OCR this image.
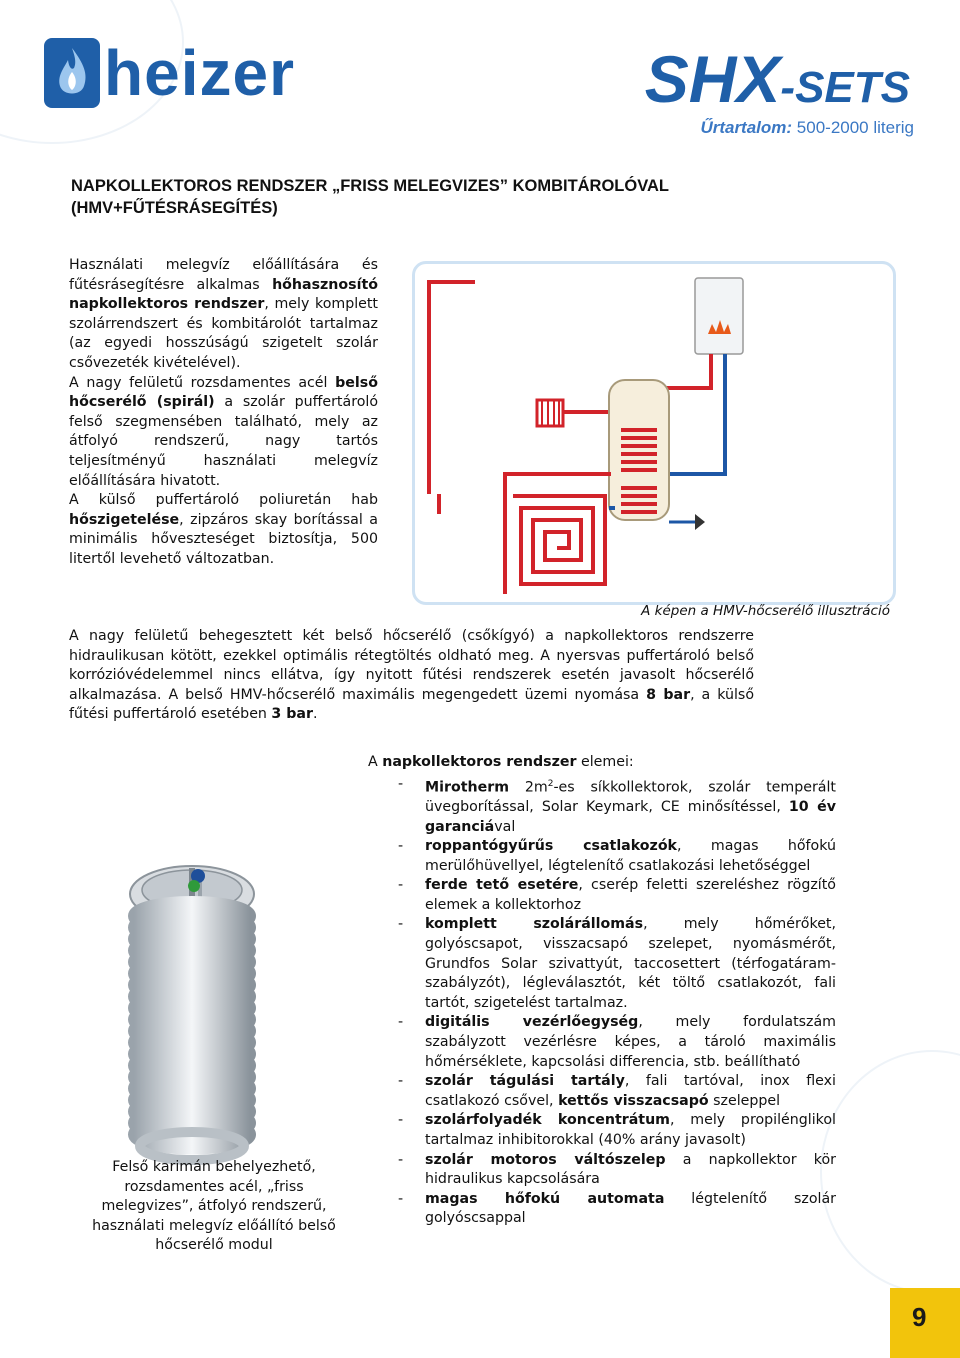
heizer	SHX-SETS
Űrtartalom: 500-2000 literig
NAPKOLLEKTOROS RENDSZER „FRISS MELEGVIZES” KOMBITÁROLÓVAL
(HMV+FŰTÉSRÁSEGÍTÉS)
Használati melegvíz előállítására és fűtésrásegítésre alkalmas hőhasznosító napkollektoros rendszer, mely komplett szolárrendszert és kombitárolót tartalmaz (az egyedi hosszúságú szigetelt szolár csővezeték kivételével).
A nagy felületű rozsdamentes acél belső hőcserélő (spirál) a szolár puffertároló felső szegmensében található, mely az átfolyó rendszerű, nagy tartós teljesítményű használati melegvíz előállítására hivatott.
A külső puffertároló poliuretán hab hőszigetelése, zipzáros skay borítással a minimális hőveszteséget biztosítja, 500 litertől levehető változatban.
A képen a HMV-hőcserélő illusztráció
A nagy felületű behegesztett két belső hőcserélő (csőkígyó) a napkollektoros rendszerre hidraulikusan kötött, ezekkel optimális rétegtöltés oldható meg. A nyersvas puffertároló belső korrózióvédelemmel nincs ellátva, így nyitott fűtési rendszerek esetén javasolt hőcserélő alkalmazása. A belső HMV-hőcserélő maximális megengedett üzemi nyomása 8 bar, a külső fűtési puffertároló esetében 3 bar.
Felső karimán behelyezhető, rozsdamentes acél, „friss melegvizes”, átfolyó rendszerű, használati melegvíz előállító belső hőcserélő modul
A napkollektoros rendszer elemei:
- Mirotherm $2m^2-es$ síkkollektorok, szolár temperált üvegborítással, Solar Keymark, CE minősítéssel, 10 év garanciával
- roppantógyűrűs csatlakozók, magas hőfokú merülőhüvellyel, légtelenítő csatlakozási lehetőséggel
- ferde tető esetére, cserép feletti szereléshez rögzítő elemek a kollektorhoz
- komplett szolárállomás, mely hőmérőket, golyóscsapot, visszacsapó szelepet, nyomásmérőt, Grundfos Solar szivattyút, taccosettert (térfogatáram-szabályzót), légleválasztót, két töltő csatlakozót, fali tartót, szigetelést tartalmaz.
- digitális vezérlőegység, mely fordulatszám szabályzott vezérlésre képes, a tároló maximális hőmérséklete, kapcsolási differencia, stb. beállítható
- szolár tágulási tartály, fali tartóval, inox flexi csatlakozó csővel, kettős visszacsapó szeleppel
- szolárfolyadék koncentrátum, mely propilénglikol tartalmaz inhibitorokkal (40% arány javasolt)
- szolár motoros váltószelep a napkollektor kör hidraulikus kapcsolására
- magas hőfokú automata légtelenítő szolár golyóscsappal
9
